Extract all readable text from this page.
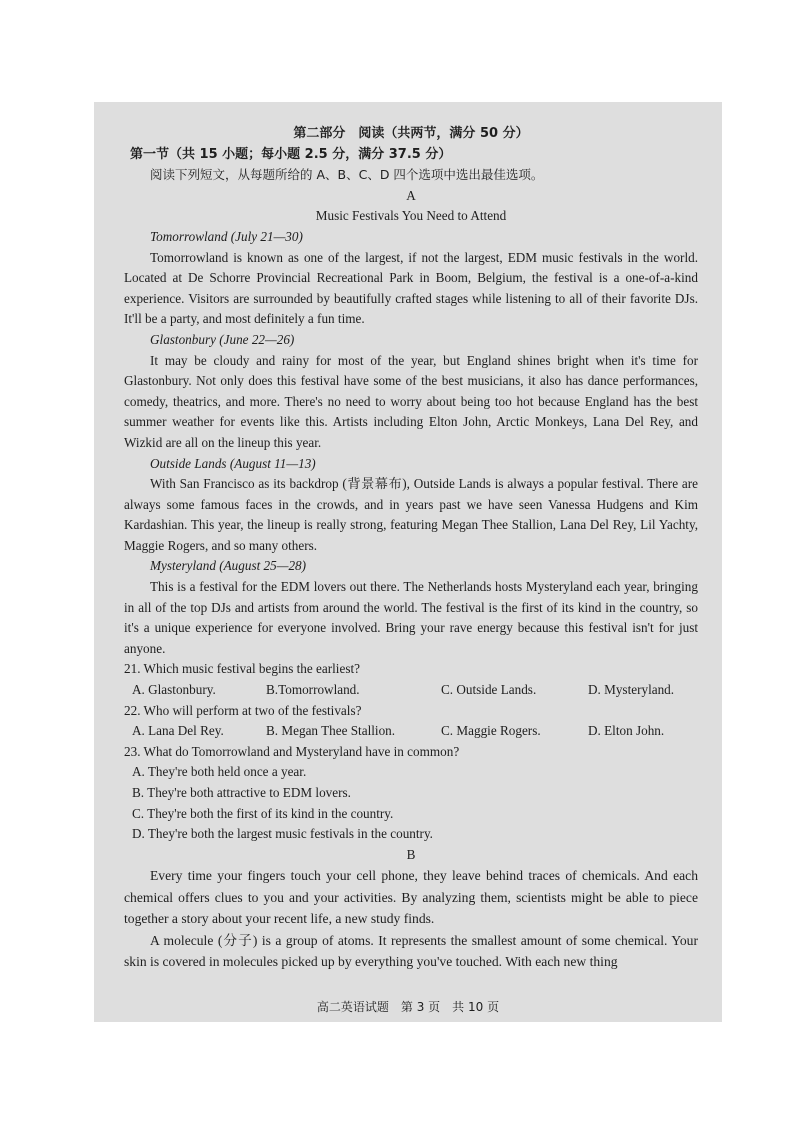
第二部分　阅读（共两节，满分 50 分）

第一节（共 15 小题；每小题 2.5 分，满分 37.5 分）

阅读下列短文，从每题所给的 A、B、C、D 四个选项中选出最佳选项。

A

Music Festivals You Need to Attend

Tomorrowland (July 21—30)

Tomorrowland is known as one of the largest, if not the largest, EDM music festivals in the world. Located at De Schorre Provincial Recreational Park in Boom, Belgium, the festival is a one-of-a-kind experience. Visitors are surrounded by beautifully crafted stages while listening to all of their favorite DJs. It'll be a party, and most definitely a fun time.

Glastonbury (June 22—26)

It may be cloudy and rainy for most of the year, but England shines bright when it's time for Glastonbury. Not only does this festival have some of the best musicians, it also has dance performances, comedy, theatrics, and more. There's no need to worry about being too hot because England has the best summer weather for events like this. Artists including Elton John, Arctic Monkeys, Lana Del Rey, and Wizkid are all on the lineup this year.

Outside Lands (August 11—13)

With San Francisco as its backdrop (背景幕布), Outside Lands is always a popular festival. There are always some famous faces in the crowds, and in years past we have seen Vanessa Hudgens and Kim Kardashian. This year, the lineup is really strong, featuring Megan Thee Stallion, Lana Del Rey, Lil Yachty, Maggie Rogers, and so many others.

Mysteryland (August 25—28)

This is a festival for the EDM lovers out there. The Netherlands hosts Mysteryland each year, bringing in all of the top DJs and artists from around the world. The festival is the first of its kind in the country, so it's a unique experience for everyone involved. Bring your rave energy because this festival isn't for just anyone.

21. Which music festival begins the earliest?

A. Glastonbury.	B.Tomorrowland.	C. Outside Lands.	D. Mysteryland.

22. Who will perform at two of the festivals?

A. Lana Del Rey.	B. Megan Thee Stallion.	C. Maggie Rogers.	D. Elton John.

23. What do Tomorrowland and Mysteryland have in common?

A. They're both held once a year.

B. They're both attractive to EDM lovers.

C. They're both the first of its kind in the country.

D. They're both the largest music festivals in the country.

B

Every time your fingers touch your cell phone, they leave behind traces of chemicals. And each chemical offers clues to you and your activities. By analyzing them, scientists might be able to piece together a story about your recent life, a new study finds.

A molecule (分子) is a group of atoms. It represents the smallest amount of some chemical. Your skin is covered in molecules picked up by everything you've touched. With each new thing

高二英语试题　第 3 页　共 10 页
